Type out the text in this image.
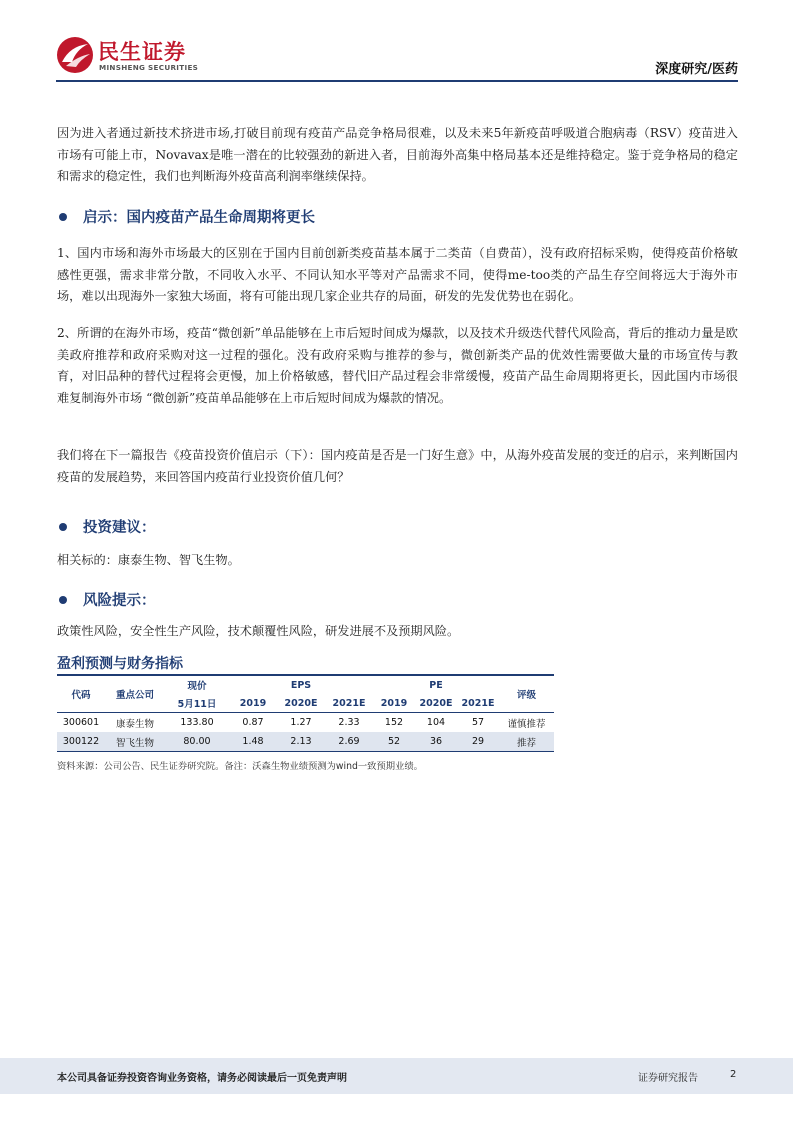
民生证券
MINSHENG SECURITIES	深度研究/医药
因为进入者通过新技术挤进市场,打破目前现有疫苗产品竞争格局很难，以及未来5年新疫苗呼吸道合胞病毒（RSV）疫苗进入市场有可能上市，Novavax是唯一潜在的比较强劲的新进入者，目前海外高集中格局基本还是维持稳定。鉴于竞争格局的稳定和需求的稳定性，我们也判断海外疫苗高利润率继续保持。
启示：国内疫苗产品生命周期将更长
1、国内市场和海外市场最大的区别在于国内目前创新类疫苗基本属于二类苗（自费苗），没有政府招标采购，使得疫苗价格敏感性更强，需求非常分散，不同收入水平、不同认知水平等对产品需求不同，使得me-too类的产品生存空间将远大于海外市场，难以出现海外一家独大场面，将有可能出现几家企业共存的局面，研发的先发优势也在弱化。
2、所谓的在海外市场，疫苗“微创新”单品能够在上市后短时间成为爆款，以及技术升级迭代替代风险高，背后的推动力量是欧美政府推荐和政府采购对这一过程的强化。没有政府采购与推荐的参与，微创新类产品的优效性需要做大量的市场宣传与教育，对旧品种的替代过程将会更慢，加上价格敏感，替代旧产品过程会非常缓慢，疫苗产品生命周期将更长，因此国内市场很难复制海外市场 “微创新”疫苗单品能够在上市后短时间成为爆款的情况。
我们将在下一篇报告《疫苗投资价值启示（下）：国内疫苗是否是一门好生意》中，从海外疫苗发展的变迁的启示，来判断国内疫苗的发展趋势，来回答国内疫苗行业投资价值几何？
投资建议：
相关标的：康泰生物、智飞生物。
风险提示：
政策性风险，安全性生产风险，技术颠覆性风险，研发进展不及预期风险。
盈利预测与财务指标
代码	重点公司	现价	EPS			PE			评级
		5月11日	2019	2020E	2021E	2019	2020E	2021E	
300601	康泰生物	133.80	0.87	1.27	2.33	152	104	57	谨慎推荐
300122	智飞生物	80.00	1.48	2.13	2.69	52	36	29	推荐
资料来源：公司公告、民生证券研究院。备注：沃森生物业绩预测为wind一致预期业绩。
本公司具备证券投资咨询业务资格，请务必阅读最后一页免责声明	证券研究报告	2
